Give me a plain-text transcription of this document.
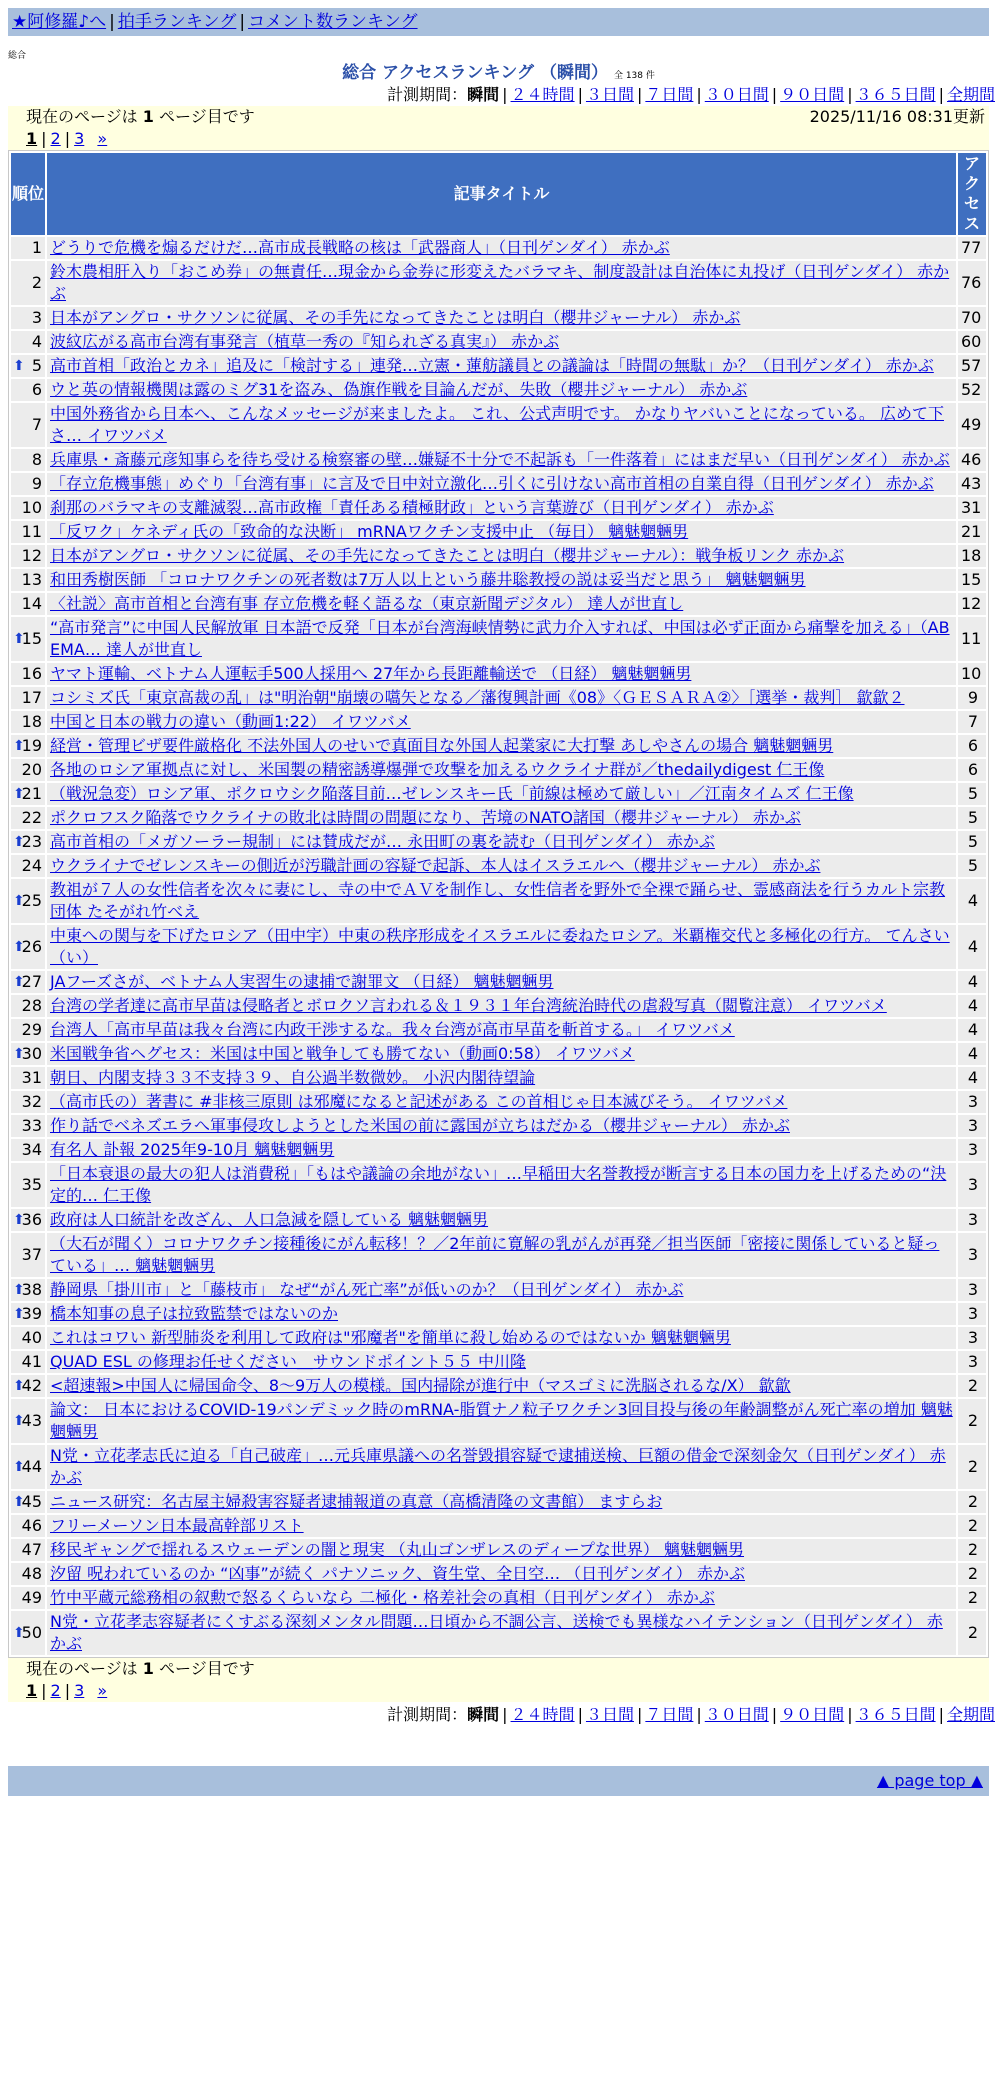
★阿修羅♪へ | 拍手ランキング | コメント数ランキング
総合
総合 アクセスランキング （瞬間） 全 138 件
計測期間：瞬間 | ２４時間 | ３日間 | ７日間 | ３０日間 | ９０日間 | ３６５日間 | 全期間
現在のページは 1 ページ目です	2025/11/16 08:31更新
1 | 2 | 3 »
順位	記事タイトル	アクセス
1	どうりで危機を煽るだけだ…高市成長戦略の核は「武器商人」（日刊ゲンダイ） 赤かぶ	77
2	鈴木農相肝入り「おこめ券」の無責任…現金から金券に形変えたバラマキ、制度設計は自治体に丸投げ（日刊ゲンダイ） 赤かぶ	76
3	日本がアングロ・サクソンに従属、その手先になってきたことは明白（櫻井ジャーナル） 赤かぶ	70
4	波紋広がる高市台湾有事発言（植草一秀の『知られざる真実』） 赤かぶ	60

⬆ 5	高市首相「政治とカネ」追及に「検討する」連発…立憲・蓮舫議員との議論は「時間の無駄」か？（日刊ゲンダイ） 赤かぶ	57
6	ウと英の情報機関は露のミグ31を盗み、偽旗作戦を目論んだが、失敗（櫻井ジャーナル） 赤かぶ	52
7	中国外務省から日本へ、こんなメッセージが来ましたよ。 これ、公式声明です。 かなりヤバいことになっている。 広めて下さ… イワツバメ	49
8	兵庫県・斎藤元彦知事らを待ち受ける検察審の壁…嫌疑不十分で不起訴も「一件落着」にはまだ早い（日刊ゲンダイ） 赤かぶ	46
9	「存立危機事態」めぐり「台湾有事」に言及で日中対立激化…引くに引けない高市首相の自業自得（日刊ゲンダイ） 赤かぶ	43
10	刹那のバラマキの支離滅裂…高市政権「責任ある積極財政」という言葉遊び（日刊ゲンダイ） 赤かぶ	31
11	「反ワク」ケネディ氏の「致命的な決断」 mRNAワクチン支援中止 （毎日） 魑魅魍魎男	21
12	日本がアングロ・サクソンに従属、その手先になってきたことは明白（櫻井ジャーナル）：戦争板リンク 赤かぶ	18
13	和田秀樹医師 「コロナワクチンの死者数は7万人以上という藤井聡教授の説は妥当だと思う」 魑魅魍魎男	15
14	〈社説〉高市首相と台湾有事 存立危機を軽く語るな（東京新聞デジタル） 達人が世直し	12

⬆
15	“高市発言”に中国人民解放軍 日本語で反発「日本が台湾海峡情勢に武力介入すれば、中国は必ず正面から痛撃を加える」（ABEMA… 達人が世直し	11
16	ヤマト運輸、ベトナム人運転手500人採用へ 27年から長距離輸送で （日経） 魑魅魍魎男	10
17	コシミズ氏「東京高裁の乱」は"明治朝"崩壊の嚆矢となる／藩復興計画《08》〈ＧＥＳＡＲＡ②〉［選挙・裁判］ 歙歙２	9
18	中国と日本の戦力の違い（動画1:22） イワツバメ	7

⬆
19	経営・管理ビザ要件厳格化 不法外国人のせいで真面目な外国人起業家に大打撃 あしやさんの場合 魑魅魍魎男	6
20	各地のロシア軍拠点に対し、米国製の精密誘導爆弾で攻撃を加えるウクライナ群が／thedailydigest 仁王像	6

⬆
21	（戦況急変）ロシア軍、ポクロウシク陥落目前…ゼレンスキー氏「前線は極めて厳しい」／江南タイムズ 仁王像	5
22	ポクロフスク陥落でウクライナの敗北は時間の問題になり、苦境のNATO諸国（櫻井ジャーナル） 赤かぶ	5

⬆
23	高市首相の「メガソーラー規制」には賛成だが… 永田町の裏を読む（日刊ゲンダイ） 赤かぶ	5
24	ウクライナでゼレンスキーの側近が汚職計画の容疑で起訴、本人はイスラエルへ（櫻井ジャーナル） 赤かぶ	5

⬆
25	教祖が７人の女性信者を次々に妻にし、寺の中でＡＶを制作し、女性信者を野外で全裸で踊らせ、霊感商法を行うカルト宗教団体 たそがれ竹べえ	4

⬆
26	中東への関与を下げたロシア（田中宇）中東の秩序形成をイスラエルに委ねたロシア。米覇権交代と多極化の行方。 てんさい（い）	4

⬆
27	JAフーズさが、ベトナム人実習生の逮捕で謝罪文 （日経） 魑魅魍魎男	4
28	台湾の学者達に高市早苗は侵略者とボロクソ言われる＆１９３１年台湾統治時代の虐殺写真（閲覧注意） イワツバメ	4
29	台湾人「高市早苗は我々台湾に内政干渉するな。我々台湾が高市早苗を斬首する。」 イワツバメ	4

⬆
30	米国戦争省ヘグセス：米国は中国と戦争しても勝てない（動画0:58） イワツバメ	4
31	朝日、内閣支持３３不支持３９、自公過半数微妙。 小沢内閣待望論	4
32	（高市氏の）著書に #非核三原則 は邪魔になると記述がある この首相じゃ日本滅びそう。 イワツバメ	3
33	作り話でベネズエラへ軍事侵攻しようとした米国の前に露国が立ちはだかる（櫻井ジャーナル） 赤かぶ	3
34	有名人 訃報 2025年9-10月 魑魅魍魎男	3
35	「日本衰退の最大の犯人は消費税」「もはや議論の余地がない」…早稲田大名誉教授が断言する日本の国力を上げるための“決定的… 仁王像	3

⬆
36	政府は人口統計を改ざん、人口急減を隠している 魑魅魍魎男	3
37	（大石が聞く）コロナワクチン接種後にがん転移！？／2年前に寛解の乳がんが再発／担当医師「密接に関係していると疑っている」… 魑魅魍魎男	3

⬆
38	静岡県「掛川市」と「藤枝市」 なぜ“がん死亡率”が低いのか？（日刊ゲンダイ） 赤かぶ	3

⬆
39	橋本知事の息子は拉致監禁ではないのか	3
40	これはコワい 新型肺炎を利用して政府は"邪魔者"を簡単に殺し始めるのではないか 魑魅魍魎男	3
41	QUAD ESL の修理お任せください＿サウンドポイント５５ 中川隆	3

⬆
42	<超速報>中国人に帰国命令、8～9万人の模様。国内掃除が進行中（マスゴミに洗脳されるな/X） 歙歙	2

⬆
43	論文： 日本におけるCOVID-19パンデミック時のmRNA-脂質ナノ粒子ワクチン3回目投与後の年齢調整がん死亡率の増加 魑魅魍魎男	2

⬆
44	N党・立花孝志氏に迫る「自己破産」…元兵庫県議への名誉毀損容疑で逮捕送検、巨額の借金で深刻金欠（日刊ゲンダイ） 赤かぶ	2

⬆
45	ニュース研究：名古屋主婦殺害容疑者逮捕報道の真意（高橋清隆の文書館） ますらお	2
46	フリーメーソン日本最高幹部リスト	2
47	移民ギャングで揺れるスウェーデンの闇と現実 （丸山ゴンザレスのディープな世界） 魑魅魍魎男	2
48	汐留 呪われているのか “凶事”が続く パナソニック、資生堂、全日空… （日刊ゲンダイ） 赤かぶ	2
49	竹中平蔵元総務相の叙勲で怒るくらいなら 二極化・格差社会の真相（日刊ゲンダイ） 赤かぶ	2

⬆
50	N党・立花孝志容疑者にくすぶる深刻メンタル問題…日頃から不調公言、送検でも異様なハイテンション（日刊ゲンダイ） 赤かぶ	2
現在のページは 1 ページ目です
1 | 2 | 3 »
計測期間：瞬間 | ２４時間 | ３日間 | ７日間 | ３０日間 | ９０日間 | ３６５日間 | 全期間
▲ page top ▲
